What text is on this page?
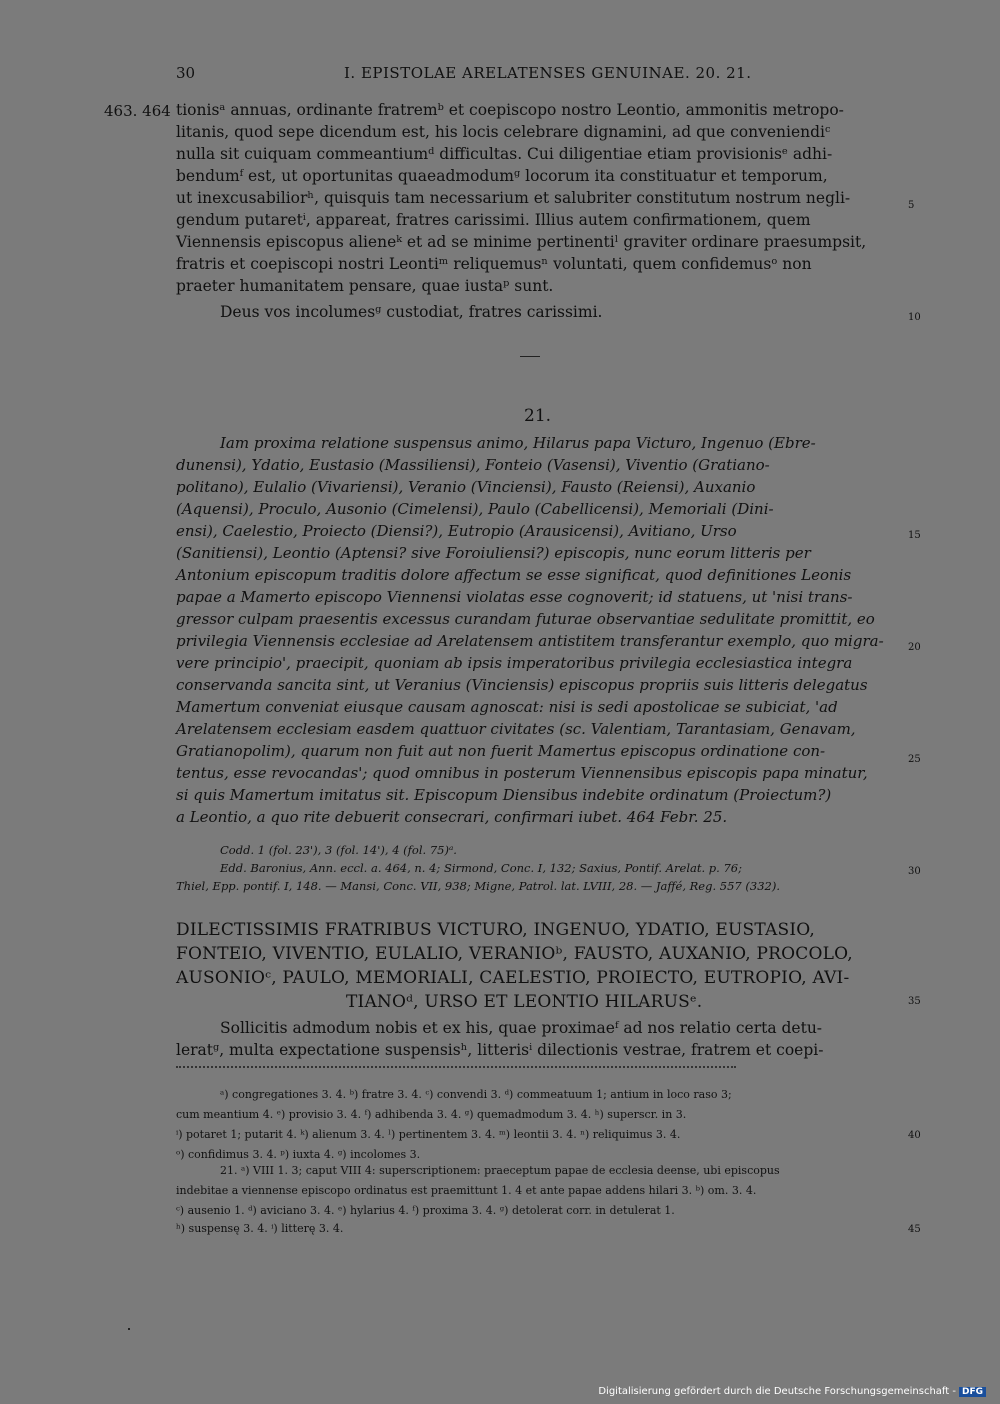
30	I. EPISTOLAE ARELATENSES GENUINAE. 20. 21.
463. 464 tionisᵃ annuas, ordinante fratremᵇ et coepiscopo nostro Leontio, ammonitis metropo-
litanis, quod sepe dicendum est, his locis celebrare dignamini, ad que conveniendiᶜ
nulla sit cuiquam commeantiumᵈ difficultas. Cui diligentiae etiam provisionisᵉ adhi-
bendumᶠ est, ut oportunitas quaeadmodumᵍ locorum ita constituatur et temporum,
ut inexcusabiliorʰ, quisquis tam necessarium et salubriter constitutum nostrum negli-
gendum putaretⁱ, appareat, fratres carissimi. Illius autem confirmationem, quem
Viennensis episcopus alieneᵏ et ad se minime pertinentiˡ graviter ordinare praesumpsit,
fratris et coepiscopi nostri Leontiᵐ reliquemusⁿ voluntati, quem confidemusᵒ non
praeter humanitatem pensare, quae iustaᵖ sunt.
Deus vos incolumesᵍ custodiat, fratres carissimi.
5
10
21.
Iam proxima relatione suspensus animo, Hilarus papa Victuro, Ingenuo (Ebre-
dunensi), Ydatio, Eustasio (Massiliensi), Fonteio (Vasensi), Viventio (Gratiano-
politano), Eulalio (Vivariensi), Veranio (Vinciensi), Fausto (Reiensi), Auxanio
(Aquensi), Proculo, Ausonio (Cimelensi), Paulo (Cabellicensi), Memoriali (Dini-
ensi), Caelestio, Proiecto (Diensi?), Eutropio (Arausicensi), Avitiano, Urso
(Sanitiensi), Leontio (Aptensi? sive Foroiuliensi?) episcopis, nunc eorum litteris per
Antonium episcopum traditis dolore affectum se esse significat, quod definitiones Leonis
papae a Mamerto episcopo Viennensi violatas esse cognoverit; id statuens, ut 'nisi trans-
gressor culpam praesentis excessus curandam futurae observantiae sedulitate promittit, eo
privilegia Viennensis ecclesiae ad Arelatensem antistitem transferantur exemplo, quo migra-
vere principio', praecipit, quoniam ab ipsis imperatoribus privilegia ecclesiastica integra
conservanda sancita sint, ut Veranius (Vinciensis) episcopus propriis suis litteris delegatus
Mamertum conveniat eiusque causam agnoscat: nisi is sedi apostolicae se subiciat, 'ad
Arelatensem ecclesiam easdem quattuor civitates (sc. Valentiam, Tarantasiam, Genavam,
Gratianopolim), quarum non fuit aut non fuerit Mamertus episcopus ordinatione con-
tentus, esse revocandas'; quod omnibus in posterum Viennensibus episcopis papa minatur,
si quis Mamertum imitatus sit. Episcopum Diensibus indebite ordinatum (Proiectum?)
a Leontio, a quo rite debuerit consecrari, confirmari iubet. 464 Febr. 25.
15
20
25
Codd. 1 (fol. 23'), 3 (fol. 14'), 4 (fol. 75)ᵃ.
Edd. Baronius, Ann. eccl. a. 464, n. 4; Sirmond, Conc. I, 132; Saxius, Pontif. Arelat. p. 76;
Thiel, Epp. pontif. I, 148. — Mansi, Conc. VII, 938; Migne, Patrol. lat. LVIII, 28. — Jaffé, Reg. 557 (332).
30
DILECTISSIMIS FRATRIBUS VICTURO, INGENUO, YDATIO, EUSTASIO,
FONTEIO, VIVENTIO, EULALIO, VERANIOᵇ, FAUSTO, AUXANIO, PROCOLO,
AUSONIOᶜ, PAULO, MEMORIALI, CAELESTIO, PROIECTO, EUTROPIO, AVI-
TIANOᵈ, URSO ET LEONTIO HILARUSᵉ.	35
Sollicitis admodum nobis et ex his, quae proximaeᶠ ad nos relatio certa detu-
leratᵍ, multa expectatione suspensisʰ, litterisⁱ dilectionis vestrae, fratrem et coepi-
ᵃ) congregationes 3. 4. ᵇ) fratre 3. 4. ᶜ) convendi 3. ᵈ) commeatuum 1; antium in loco raso 3;
cum meantium 4. ᵉ) provisio 3. 4. ᶠ) adhibenda 3. 4. ᵍ) quemadmodum 3. 4. ʰ) superscr. in 3.
ⁱ) potaret 1; putarit 4. ᵏ) alienum 3. 4. ˡ) pertinentem 3. 4. ᵐ) leontii 3. 4. ⁿ) reliquimus 3. 4.
ᵒ) confidimus 3. 4. ᵖ) iuxta 4. ᵍ) incolomes 3.
21. ᵃ) VIII 1. 3; caput VIII 4: superscriptionem: praeceptum papae de ecclesia deense, ubi episcopus
indebitae a viennense episcopo ordinatus est praemittunt 1. 4 et ante papae addens hilari 3. ᵇ) om. 3. 4.
ᶜ) ausenio 1. ᵈ) aviciano 3. 4. ᵉ) hylarius 4. ᶠ) proxima 3. 4. ᵍ) detolerat corr. in detulerat 1.
ʰ) suspensę 3. 4. ⁱ) litterę 3. 4.
40
45
Digitalisierung gefördert durch die Deutsche Forschungsgemeinschaft - DFG
